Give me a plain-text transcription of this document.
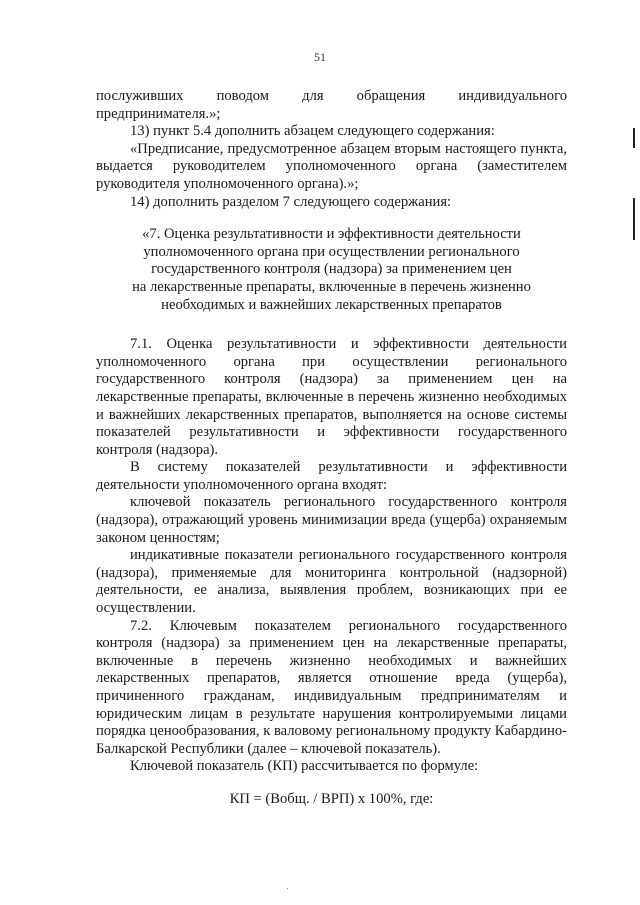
51

послуживших поводом для обращения индивидуального

предпринимателя.»;

13) пункт 5.4 дополнить абзацем следующего содержания:

«Предписание, предусмотренное абзацем вторым настоящего пункта, выдается руководителем уполномоченного органа (заместителем руководителя уполномоченного органа).»;

14) дополнить разделом 7 следующего содержания:

«7. Оценка результативности и эффективности деятельности

уполномоченного органа при осуществлении регионального

государственного контроля (надзора) за применением цен

на лекарственные препараты, включенные в перечень жизненно

необходимых и важнейших лекарственных препаратов

7.1. Оценка результативности и эффективности деятельности уполномоченного органа при осуществлении регионального государственного контроля (надзора) за применением цен на лекарственные препараты, включенные в перечень жизненно необходимых и важнейших лекарственных препаратов, выполняется на основе системы показателей результативности и эффективности государственного контроля (надзора).

В систему показателей результативности и эффективности деятельности уполномоченного органа входят:

ключевой показатель регионального государственного контроля (надзора), отражающий уровень минимизации вреда (ущерба) охраняемым законом ценностям;

индикативные показатели регионального государственного контроля (надзора), применяемые для мониторинга контрольной (надзорной) деятельности, ее анализа, выявления проблем, возникающих при ее осуществлении.

7.2. Ключевым показателем регионального государственного контроля (надзора) за применением цен на лекарственные препараты, включенные в перечень жизненно необходимых и важнейших лекарственных препаратов, является отношение вреда (ущерба), причиненного гражданам, индивидуальным предпринимателям и юридическим лицам в результате нарушения контролируемыми лицами порядка ценообразования, к валовому региональному продукту Кабардино-Балкарской Республики (далее – ключевой показатель).

Ключевой показатель (КП) рассчитывается по формуле:

КП = (Вобщ. / ВРП) х 100%, где:
